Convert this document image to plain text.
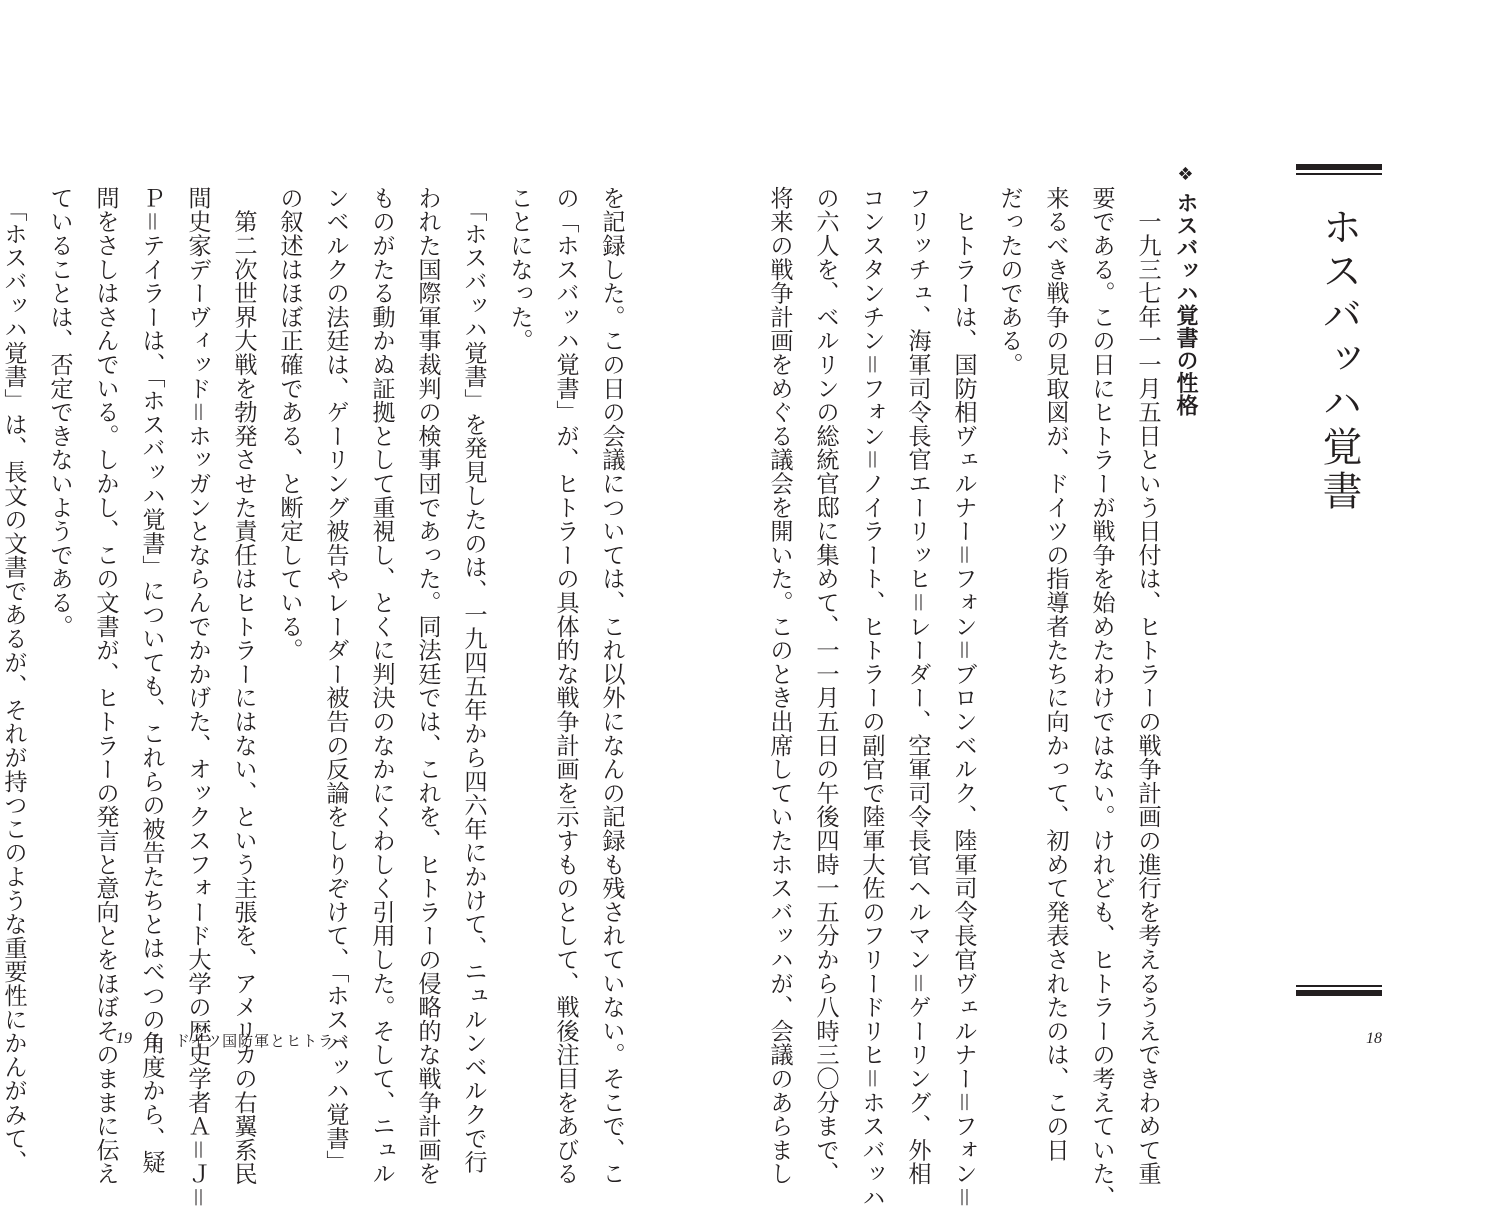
を記録した。この日の会議については、これ以外になんの記録も残されていない。そこで、こ
の「ホスバッハ覚書」が、ヒトラーの具体的な戦争計画を示すものとして、戦後注目をあびる
ことになった。
　「ホスバッハ覚書」を発見したのは、一九四五年から四六年にかけて、ニュルンベルクで行
われた国際軍事裁判の検事団であった。同法廷では、これを、ヒトラーの侵略的な戦争計画を
ものがたる動かぬ証拠として重視し、とくに判決のなかにくわしく引用した。そして、ニュル
ンベルクの法廷は、ゲーリング被告やレーダー被告の反論をしりぞけて、「ホスバッハ覚書」
の叙述はほぼ正確である、と断定している。
　第二次世界大戦を勃発させた責任はヒトラーにはない、という主張を、アメリカの右翼系民
間史家デーヴィッド＝ホッガンとならんでかかげた、オックスフォード大学の歴史学者Ａ＝Ｊ＝
Ｐ＝テイラーは、「ホスバッハ覚書」についても、これらの被告たちとはべつの角度から、疑
問をさしはさんでいる。しかし、この文書が、ヒトラーの発言と意向とをほぼそのままに伝え
ていることは、否定できないようである。
　「ホスバッハ覚書」は、長文の文書であるが、それが持つこのような重要性にかんがみて、	19 Ⅰ　ドイツ国防軍とヒトラー
ホスバッハ覚書
❖ホスバッハ覚書の性格
　一九三七年一一月五日という日付は、ヒトラーの戦争計画の進行を考えるうえできわめて重
要である。この日にヒトラーが戦争を始めたわけではない。けれども、ヒトラーの考えていた、
来るべき戦争の見取図が、ドイツの指導者たちに向かって、初めて発表されたのは、この日
だったのである。
　ヒトラーは、国防相ヴェルナー＝フォン＝ブロンベルク、陸軍司令長官ヴェルナー＝フォン＝
フリッチュ、海軍司令長官エーリッヒ＝レーダー、空軍司令長官ヘルマン＝ゲーリング、外相
コンスタンチン＝フォン＝ノイラート、ヒトラーの副官で陸軍大佐のフリードリヒ＝ホスバッハ
の六人を、ベルリンの総統官邸に集めて、一一月五日の午後四時一五分から八時三〇分まで、
将来の戦争計画をめぐる議会を開いた。このとき出席していたホスバッハが、会議のあらまし	18
